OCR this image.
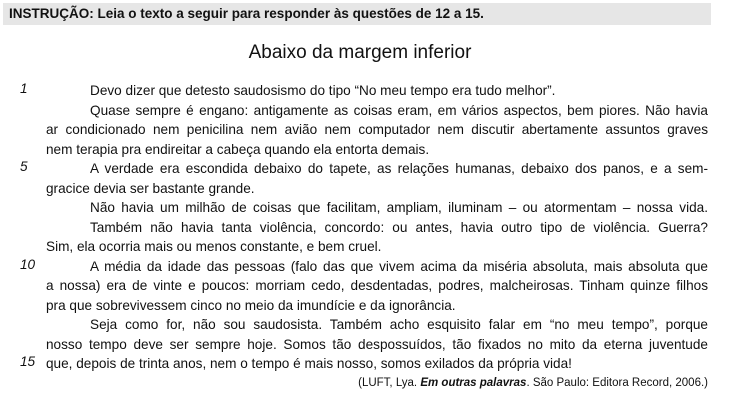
INSTRUÇÃO: Leia o texto a seguir para responder às questões de 12 a 15.
Abaixo da margem inferior
1	Devo dizer que detesto saudosismo do tipo “No meu tempo era tudo melhor”.
Quase sempre é engano: antigamente as coisas eram, em vários aspectos, bem piores. Não havia
ar condicionado nem penicilina nem avião nem computador nem discutir abertamente assuntos graves
nem terapia pra endireitar a cabeça quando ela entorta demais.
5	A verdade era escondida debaixo do tapete, as relações humanas, debaixo dos panos, e a sem-
gracice devia ser bastante grande.
Não havia um milhão de coisas que facilitam, ampliam, iluminam – ou atormentam – nossa vida.
Também não havia tanta violência, concordo: ou antes, havia outro tipo de violência. Guerra?
Sim, ela ocorria mais ou menos constante, e bem cruel.
10	A média da idade das pessoas (falo das que vivem acima da miséria absoluta, mais absoluta que
a nossa) era de vinte e poucos: morriam cedo, desdentadas, podres, malcheirosas. Tinham quinze filhos
pra que sobrevivessem cinco no meio da imundície e da ignorância.
Seja como for, não sou saudosista. Também acho esquisito falar em “no meu tempo”, porque
nosso tempo deve ser sempre hoje. Somos tão despossuídos, tão fixados no mito da eterna juventude
15 que, depois de trinta anos, nem o tempo é mais nosso, somos exilados da própria vida!
(LUFT, Lya. Em outras palavras. São Paulo: Editora Record, 2006.)
